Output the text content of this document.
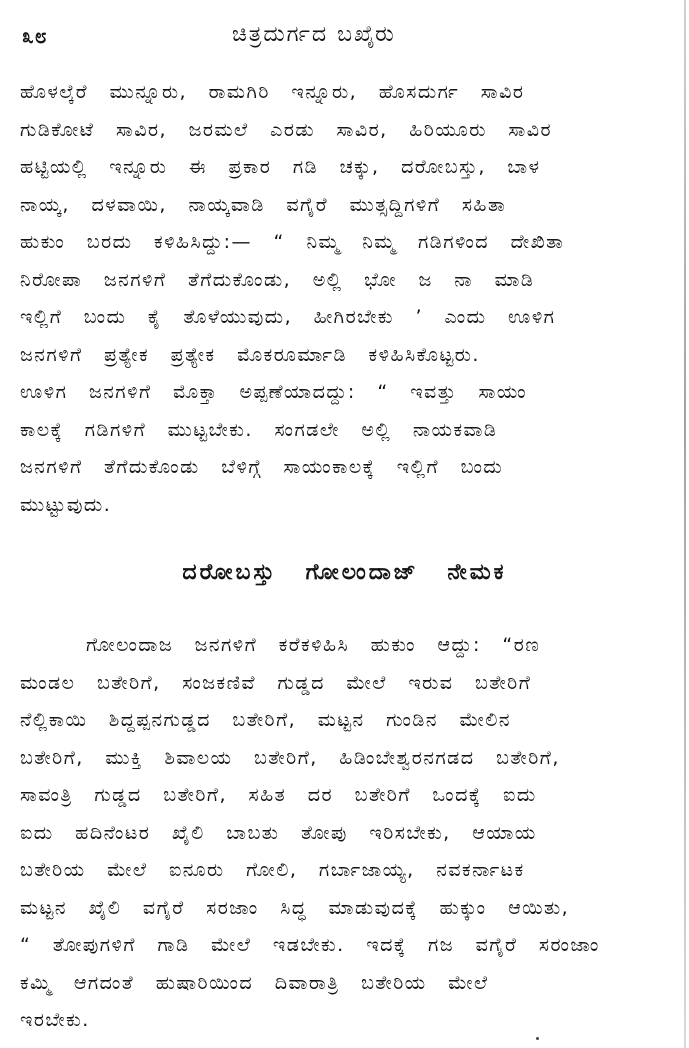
೩೮	ಚಿತ್ರದುರ್ಗದ ಬಖೈರು
ಹೊಳಲ್ಕೆರೆ ಮುನ್ನೂರು, ರಾಮಗಿರಿ ಇನ್ನೂರು, ಹೊಸದುರ್ಗ ಸಾವಿರ
ಗುಡಿಕೋಟೆ ಸಾವಿರ, ಜರಮಲೆ ಎರಡು ಸಾವಿರ, ಹಿರಿಯೂರು ಸಾವಿರ
ಹಟ್ಟಿಯಲ್ಲಿ ಇನ್ನೂರು ಈ ಪ್ರಕಾರ ಗಡಿ ಚಕ್ಕು, ದರೋಬಸ್ತು, ಬಾಳ
ನಾಯ್ಕ, ದಳವಾಯಿ, ನಾಯ್ಕವಾಡಿ ವಗೈರೆ ಮುತ್ಸದ್ದಿಗಳಿಗೆ ಸಹಿತಾ
ಹುಕುಂ ಬರದು ಕಳಿಹಿಸಿದ್ದು:— “ ನಿಮ್ಮ ನಿಮ್ಮ ಗಡಿಗಳಿಂದ ದೇಖಿತಾ
ನಿರೋಪಾ ಜನಗಳಿಗೆ ತೆಗೆದುಕೊಂಡು, ಅಲ್ಲಿ ಭೋ ಜ ನಾ ಮಾಡಿ
ಇಲ್ಲಿಗೆ ಬಂದು ಕೈ ತೊಳೆಯುವುದು, ಹೀಗಿರಬೇಕು ’ ಎಂದು ಊಳಿಗ
ಜನಗಳಿಗೆ ಪ್ರತ್ಯೇಕ ಪ್ರತ್ಯೇಕ ಮೊಕರೂರ್ಮಾಡಿ ಕಳಿಹಿಸಿಕೊಟ್ಟರು.
ಊಳಿಗ ಜನಗಳಿಗೆ ಮೊಕ್ತಾ ಅಪ್ಪಣೆಯಾದದ್ದು: “ ಇವತ್ತು ಸಾಯಂ
ಕಾಲಕ್ಕೆ ಗಡಿಗಳಿಗೆ ಮುಟ್ಟಬೇಕು. ಸಂಗಡಲೇ ಅಲ್ಲಿ ನಾಯಕವಾಡಿ
ಜನಗಳಿಗೆ ತೆಗೆದುಕೊಂಡು ಬೆಳಿಗ್ಗೆ ಸಾಯಂಕಾಲಕ್ಕೆ ಇಲ್ಲಿಗೆ ಬಂದು
ಮುಟ್ಟುವುದು.
ದರೋಬಸ್ತು ಗೋಲಂದಾಜ್ ನೇಮಕ
ಗೋಲಂದಾಜ ಜನಗಳಿಗೆ ಕರೆಕಳಿಹಿಸಿ ಹುಕುಂ ಆದ್ದು: “ರಣ
ಮಂಡಲ ಬತೇರಿಗೆ, ಸಂಜಕಣಿವೆ ಗುಡ್ಡದ ಮೇಲೆ ಇರುವ ಬತೇರಿಗೆ
ನೆಲ್ಲಿಕಾಯಿ ಶಿದ್ದಪ್ಪನಗುಡ್ಡದ ಬತೇರಿಗೆ, ಮಟ್ಟನ ಗುಂಡಿನ ಮೇಲಿನ
ಬತೇರಿಗೆ, ಮುಕ್ತಿ ಶಿವಾಲಯ ಬತೇರಿಗೆ, ಹಿಡಿಂಬೇಶ್ವರನಗಡದ ಬತೇರಿಗೆ,
ಸಾವಂತ್ರಿ ಗುಡ್ಡದ ಬತೇರಿಗೆ, ಸಹಿತ ದರ ಬತೇರಿಗೆ ಒಂದಕ್ಕೆ ಐದು
ಐದು ಹದಿನೆಂಟರ ಖೈಲಿ ಬಾಬತು ತೋಪು ಇರಿಸಬೇಕು, ಆಯಾಯ
ಬತೇರಿಯ ಮೇಲೆ ಐನೂರು ಗೋಲಿ, ಗರ್ಬಾಜಾಯ್ಯ, ನವಕರ್ನಾಟಕ
ಮಟ್ಟನ ಖೈಲಿ ವಗೈರೆ ಸರಜಾಂ ಸಿದ್ಧ ಮಾಡುವುದಕ್ಕೆ ಹುಕ್ಕುಂ ಆಯಿತು,
“ ತೋಪುಗಳಿಗೆ ಗಾಡಿ ಮೇಲೆ ಇಡಬೇಕು. ಇದಕ್ಕೆ ಗಜ ವಗೈರೆ ಸರಂಜಾಂ
ಕಮ್ಮಿ ಆಗದಂತೆ ಹುಷಾರಿಯಿಂದ ದಿವಾರಾತ್ರಿ ಬತೇರಿಯ ಮೇಲೆ
ಇರಬೇಕು.
